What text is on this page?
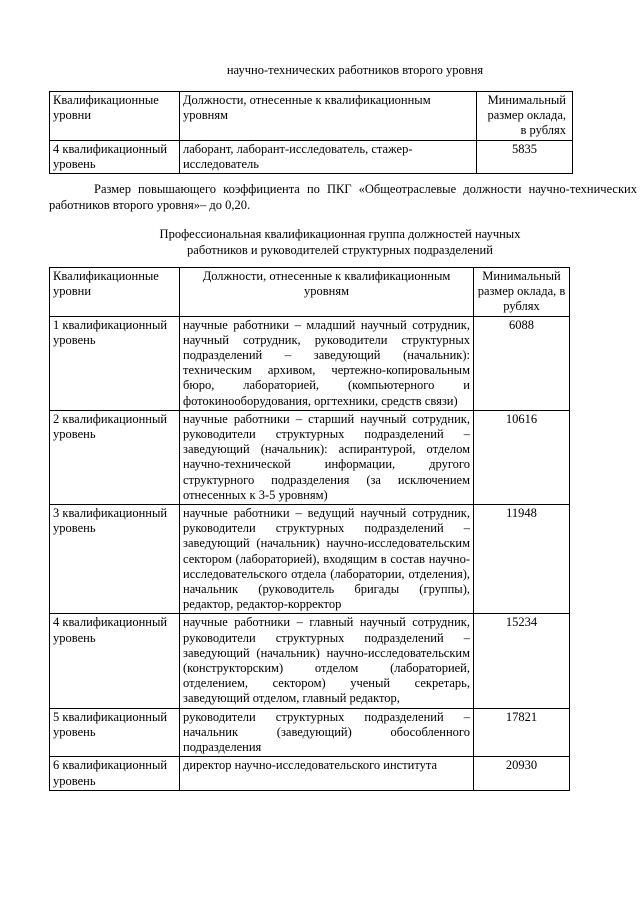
научно-технических работников второго уровня
Квалификационные уровни	Должности, отнесенные к квалификационным уровням	Минимальный размер оклада, в рублях
4 квалификационный уровень	лаборант, лаборант-исследователь, стажер-исследователь	5835
Размер повышающего коэффициента по ПКГ «Общеотраслевые должности научно-технических работников второго уровня»– до 0,20.
Профессиональная квалификационная группа должностей научных работников и руководителей структурных подразделений
Квалификационные уровни	Должности, отнесенные к квалификационным уровням	Минимальный размер оклада, в рублях
1 квалификационный уровень	научные работники – младший научный сотрудник, научный сотрудник, руководители структурных подразделений – заведующий (начальник): техническим архивом, чертежно-копировальным бюро, лабораторией, (компьютерного и фотокинооборудования, оргтехники, средств связи)	6088
2 квалификационный уровень	научные работники – старший научный сотрудник, руководители структурных подразделений – заведующий (начальник): аспирантурой, отделом научно-технической информации, другого структурного подразделения (за исключением отнесенных к 3-5 уровням)	10616
3 квалификационный уровень	научные работники – ведущий научный сотрудник, руководители структурных подразделений – заведующий (начальник) научно-исследовательским сектором (лабораторией), входящим в состав научно-исследовательского отдела (лаборатории, отделения), начальник (руководитель бригады (группы), редактор, редактор-корректор	11948
4 квалификационный уровень	научные работники – главный научный сотрудник, руководители структурных подразделений – заведующий (начальник) научно-исследовательским (конструкторским) отделом (лабораторией, отделением, сектором) ученый секретарь, заведующий отделом, главный редактор,	15234
5 квалификационный уровень	руководители структурных подразделений – начальник (заведующий) обособленного подразделения	17821
6 квалификационный уровень	директор научно-исследовательского института	20930
